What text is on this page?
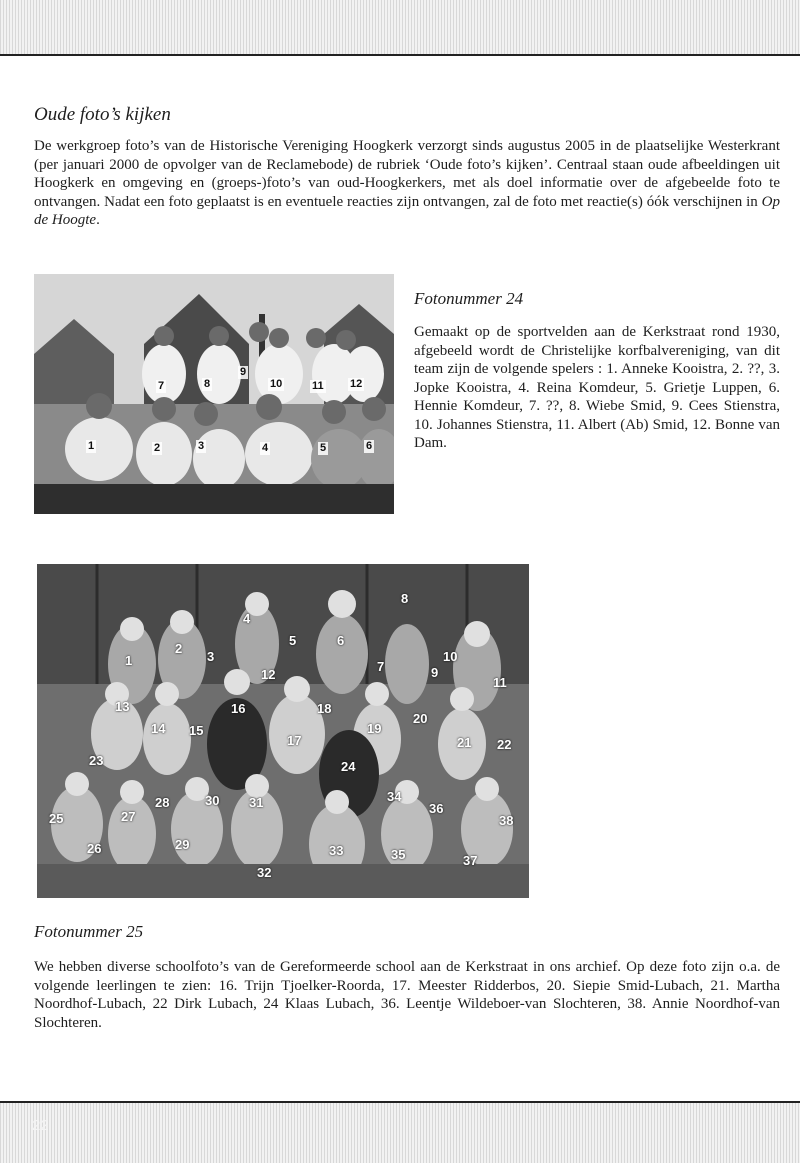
Oude foto’s kijken

De werkgroep foto’s van de Historische Vereniging Hoogkerk verzorgt sinds augustus 2005 in de plaatselijke Westerkrant (per januari 2000 de opvolger van de Reclamebode) de rubriek ‘Oude foto’s kijken’. Centraal staan oude afbeeldingen uit Hoogkerk en omgeving en (groeps-)foto’s van oud-Hoogkerkers, met als doel informatie over de afgebeelde foto te ontvangen. Nadat een foto geplaatst is en eventuele reacties zijn ontvangen, zal de foto met reactie(s) óók verschijnen in Op de Hoogte.

1	2	3	4	5	6
7	8
9
10	11 12
Fotonummer 24

Gemaakt op de sportvelden aan de Kerkstraat rond 1930, afgebeeld wordt de Christelijke korfbalvereniging, van dit team zijn de volgende spelers : 1. Anneke Kooistra, 2. ??, 3. Jopke Kooistra, 4. Reina Komdeur, 5. Grietje Luppen, 6. Hennie Komdeur, 7. ??, 8. Wiebe Smid, 9. Cees Stienstra, 10. Johannes Stienstra, 11. Albert (Ab) Smid, 12. Bonne van Dam.

1
2
3
4
5	6
7
8
9
10
11
12
13
14 15
16
17
18
19
20
21 22
23	24
25
26
27
28
29
30 31
32
33
34
35
36
37
38
Fotonummer 25

We hebben diverse schoolfoto’s van de Gereformeerde school aan de Kerkstraat in ons archief. Op deze foto zijn o.a. de volgende leerlingen te zien: 16. Trijn Tjoelker-Roorda, 17. Meester Ridderbos, 20. Siepie Smid-Lubach, 21. Martha Noordhof-Lubach, 22 Dirk Lubach, 24 Klaas Lubach, 36. Leentje Wildeboer-van Slochteren, 38. Annie Noordhof-van Slochteren.

22
